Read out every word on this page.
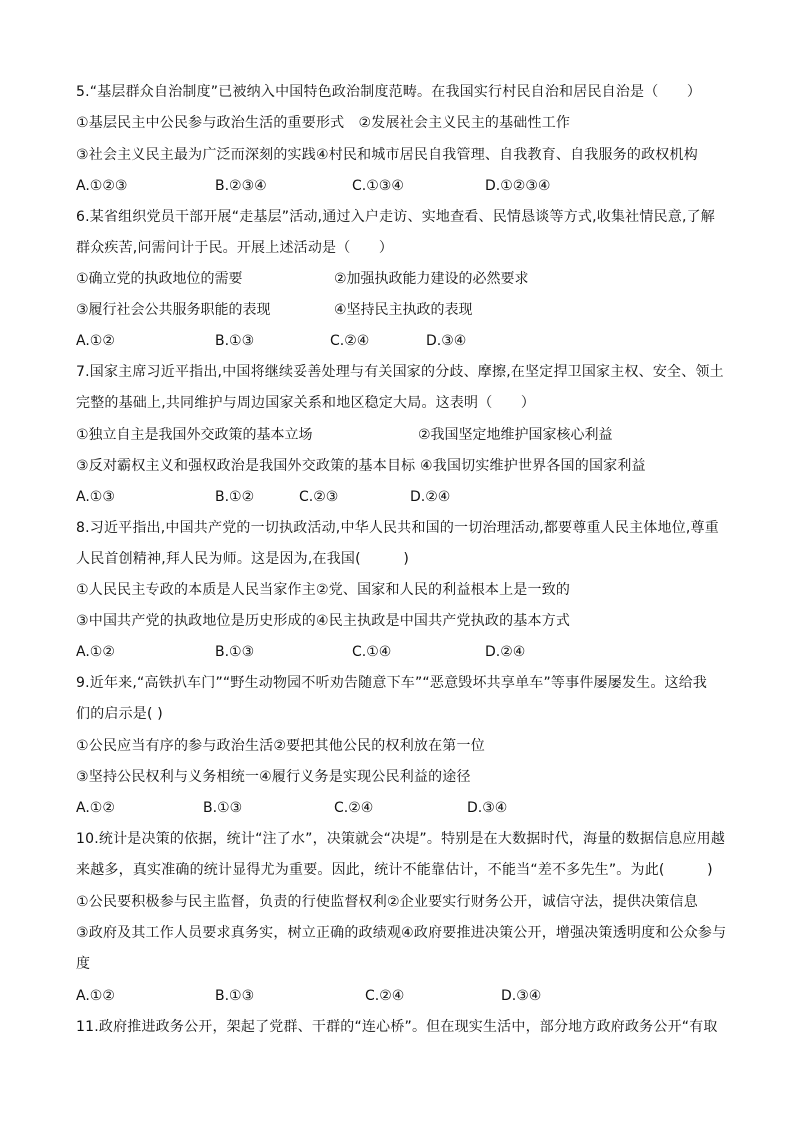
5.“基层群众自治制度”已被纳入中国特色政治制度范畴。在我国实行村民自治和居民自治是（　　）
①基层民主中公民参与政治生活的重要形式　②发展社会主义民主的基础性工作
③社会主义民主最为广泛而深刻的实践④村民和城市居民自我管理、自我教育、自我服务的政权机构
A.①②③	B.②③④	C.①③④	D.①②③④
6.某省组织党员干部开展“走基层”活动,通过入户走访、实地查看、民情恳谈等方式,收集社情民意,了解
群众疾苦,问需问计于民。开展上述活动是（　　）
①确立党的执政地位的需要	②加强执政能力建设的必然要求
③履行社会公共服务职能的表现	④坚持民主执政的表现
A.①②	B.①③	C.②④	D.③④
7.国家主席习近平指出,中国将继续妥善处理与有关国家的分歧、摩擦,在坚定捍卫国家主权、安全、领土
完整的基础上,共同维护与周边国家关系和地区稳定大局。这表明（　　）
①独立自主是我国外交政策的基本立场	②我国坚定地维护国家核心利益
③反对霸权主义和强权政治是我国外交政策的基本目标 ④我国切实维护世界各国的国家利益
A.①③	B.①②	C.②③	D.②④
8.习近平指出,中国共产党的一切执政活动,中华人民共和国的一切治理活动,都要尊重人民主体地位,尊重
人民首创精神,拜人民为师。这是因为,在我国(　　　)
①人民民主专政的本质是人民当家作主②党、国家和人民的利益根本上是一致的
③中国共产党的执政地位是历史形成的④民主执政是中国共产党执政的基本方式
A.①②	B.①③	C.①④	D.②④
9.近年来,“高铁扒车门”“野生动物园不听劝告随意下车”“恶意毁坏共享单车”等事件屡屡发生。这给我
们的启示是( )
①公民应当有序的参与政治生活②要把其他公民的权利放在第一位
③坚持公民权利与义务相统一④履行义务是实现公民利益的途径
A.①②	B.①③	C.②④	D.③④
10.统计是决策的依据，统计“注了水”，决策就会“决堤”。特别是在大数据时代，海量的数据信息应用越
来越多，真实准确的统计显得尤为重要。因此，统计不能靠估计，不能当“差不多先生”。为此(　　　)
①公民要积极参与民主监督，负责的行使监督权利②企业要实行财务公开，诚信守法，提供决策信息
③政府及其工作人员要求真务实，树立正确的政绩观④政府要推进决策公开，增强决策透明度和公众参与
度
A.①②	B.①③	C.②④	D.③④
11.政府推进政务公开，架起了党群、干群的“连心桥”。但在现实生活中，部分地方政府政务公开“有取
